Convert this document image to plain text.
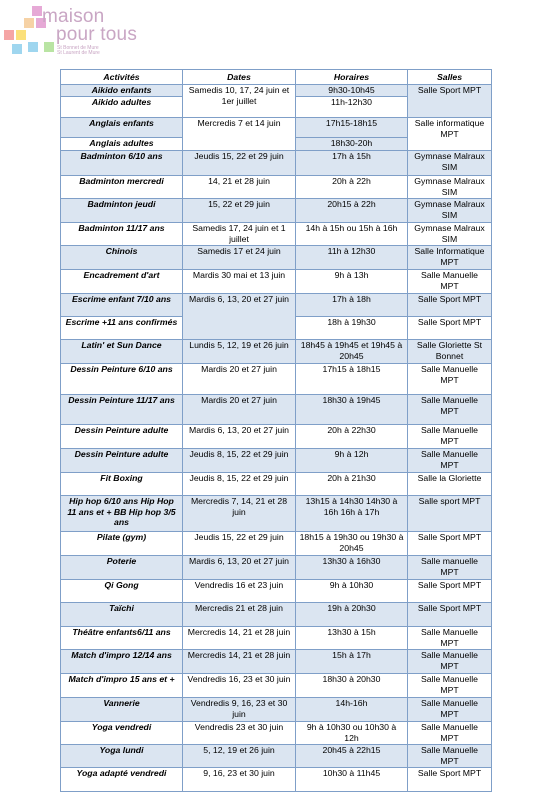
maison
pour tous
St Bonnet de Mure
St Laurent de Mure
Activités	Dates	Horaires	Salles
Aikido enfants	Samedis 10, 17, 24 juin et 1er juillet	9h30-10h45	Salle Sport MPT
Aikido adultes		11h-12h30	
Anglais enfants	Mercredis 7 et 14 juin	17h15-18h15	Salle informatique MPT
Anglais adultes		18h30-20h	
Badminton 6/10 ans	Jeudis 15, 22 et 29 juin	17h à 15h	Gymnase Malraux SIM
Badminton mercredi	14, 21 et 28 juin	20h à 22h	Gymnase Malraux SIM
Badminton jeudi	15, 22 et 29 juin	20h15 à 22h	Gymnase Malraux SIM
Badminton 11/17 ans	Samedis 17, 24 juin et 1 juillet	14h à 15h ou 15h à 16h	Gymnase Malraux SIM
Chinois	Samedis 17 et 24 juin	11h à 12h30	Salle Informatique MPT
Encadrement d'art	Mardis 30 mai et 13 juin	9h à 13h	Salle Manuelle MPT
Escrime enfant 7/10 ans	Mardis 6, 13, 20 et 27 juin	17h à 18h	Salle Sport MPT
Escrime +11 ans confirmés		18h à 19h30	Salle Sport MPT
Latin' et Sun Dance	Lundis 5, 12, 19 et 26 juin	18h45 à 19h45 et 19h45 à 20h45	Salle Gloriette St Bonnet
Dessin Peinture 6/10 ans	Mardis 20 et 27 juin	17h15 à 18h15	Salle Manuelle MPT
Dessin Peinture 11/17 ans	Mardis 20 et 27 juin	18h30 à 19h45	Salle Manuelle MPT
Dessin Peinture adulte	Mardis 6, 13, 20 et 27 juin	20h à 22h30	Salle Manuelle MPT
Dessin Peinture adulte	Jeudis 8, 15, 22 et 29 juin	9h à 12h	Salle Manuelle MPT
Fit Boxing	Jeudis 8, 15, 22 et 29 juin	20h à 21h30	Salle la Gloriette
Hip hop 6/10 ans Hip Hop 11 ans et + BB Hip hop 3/5 ans	Mercredis 7, 14, 21 et 28 juin	13h15 à 14h30 14h30 à 16h 16h à 17h	Salle sport MPT
Pilate (gym)	Jeudis 15, 22 et 29 juin	18h15 à 19h30 ou 19h30 à 20h45	Salle Sport MPT
Poterie	Mardis 6, 13, 20 et 27 juin	13h30 à 16h30	Salle manuelle MPT
Qi Gong	Vendredis 16 et 23 juin	9h à 10h30	Salle Sport MPT
Taïchi	Mercredis 21 et 28 juin	19h à 20h30	Salle Sport MPT
Théâtre enfants6/11 ans	Mercredis 14, 21 et 28 juin	13h30 à 15h	Salle Manuelle MPT
Match d'impro 12/14 ans	Mercredis 14, 21 et 28 juin	15h à 17h	Salle Manuelle MPT
Match d'impro 15 ans et +	Vendredis 16, 23 et 30 juin	18h30 à 20h30	Salle Manuelle MPT
Vannerie	Vendredis 9, 16, 23 et 30 juin	14h-16h	Salle Manuelle MPT
Yoga vendredi	Vendredis 23 et 30 juin	9h à 10h30 ou 10h30 à 12h	Salle Manuelle MPT
Yoga lundi	5, 12, 19 et 26 juin	20h45 à 22h15	Salle Manuelle MPT
Yoga adapté vendredi	9, 16, 23 et 30 juin	10h30 à 11h45	Salle Sport MPT
